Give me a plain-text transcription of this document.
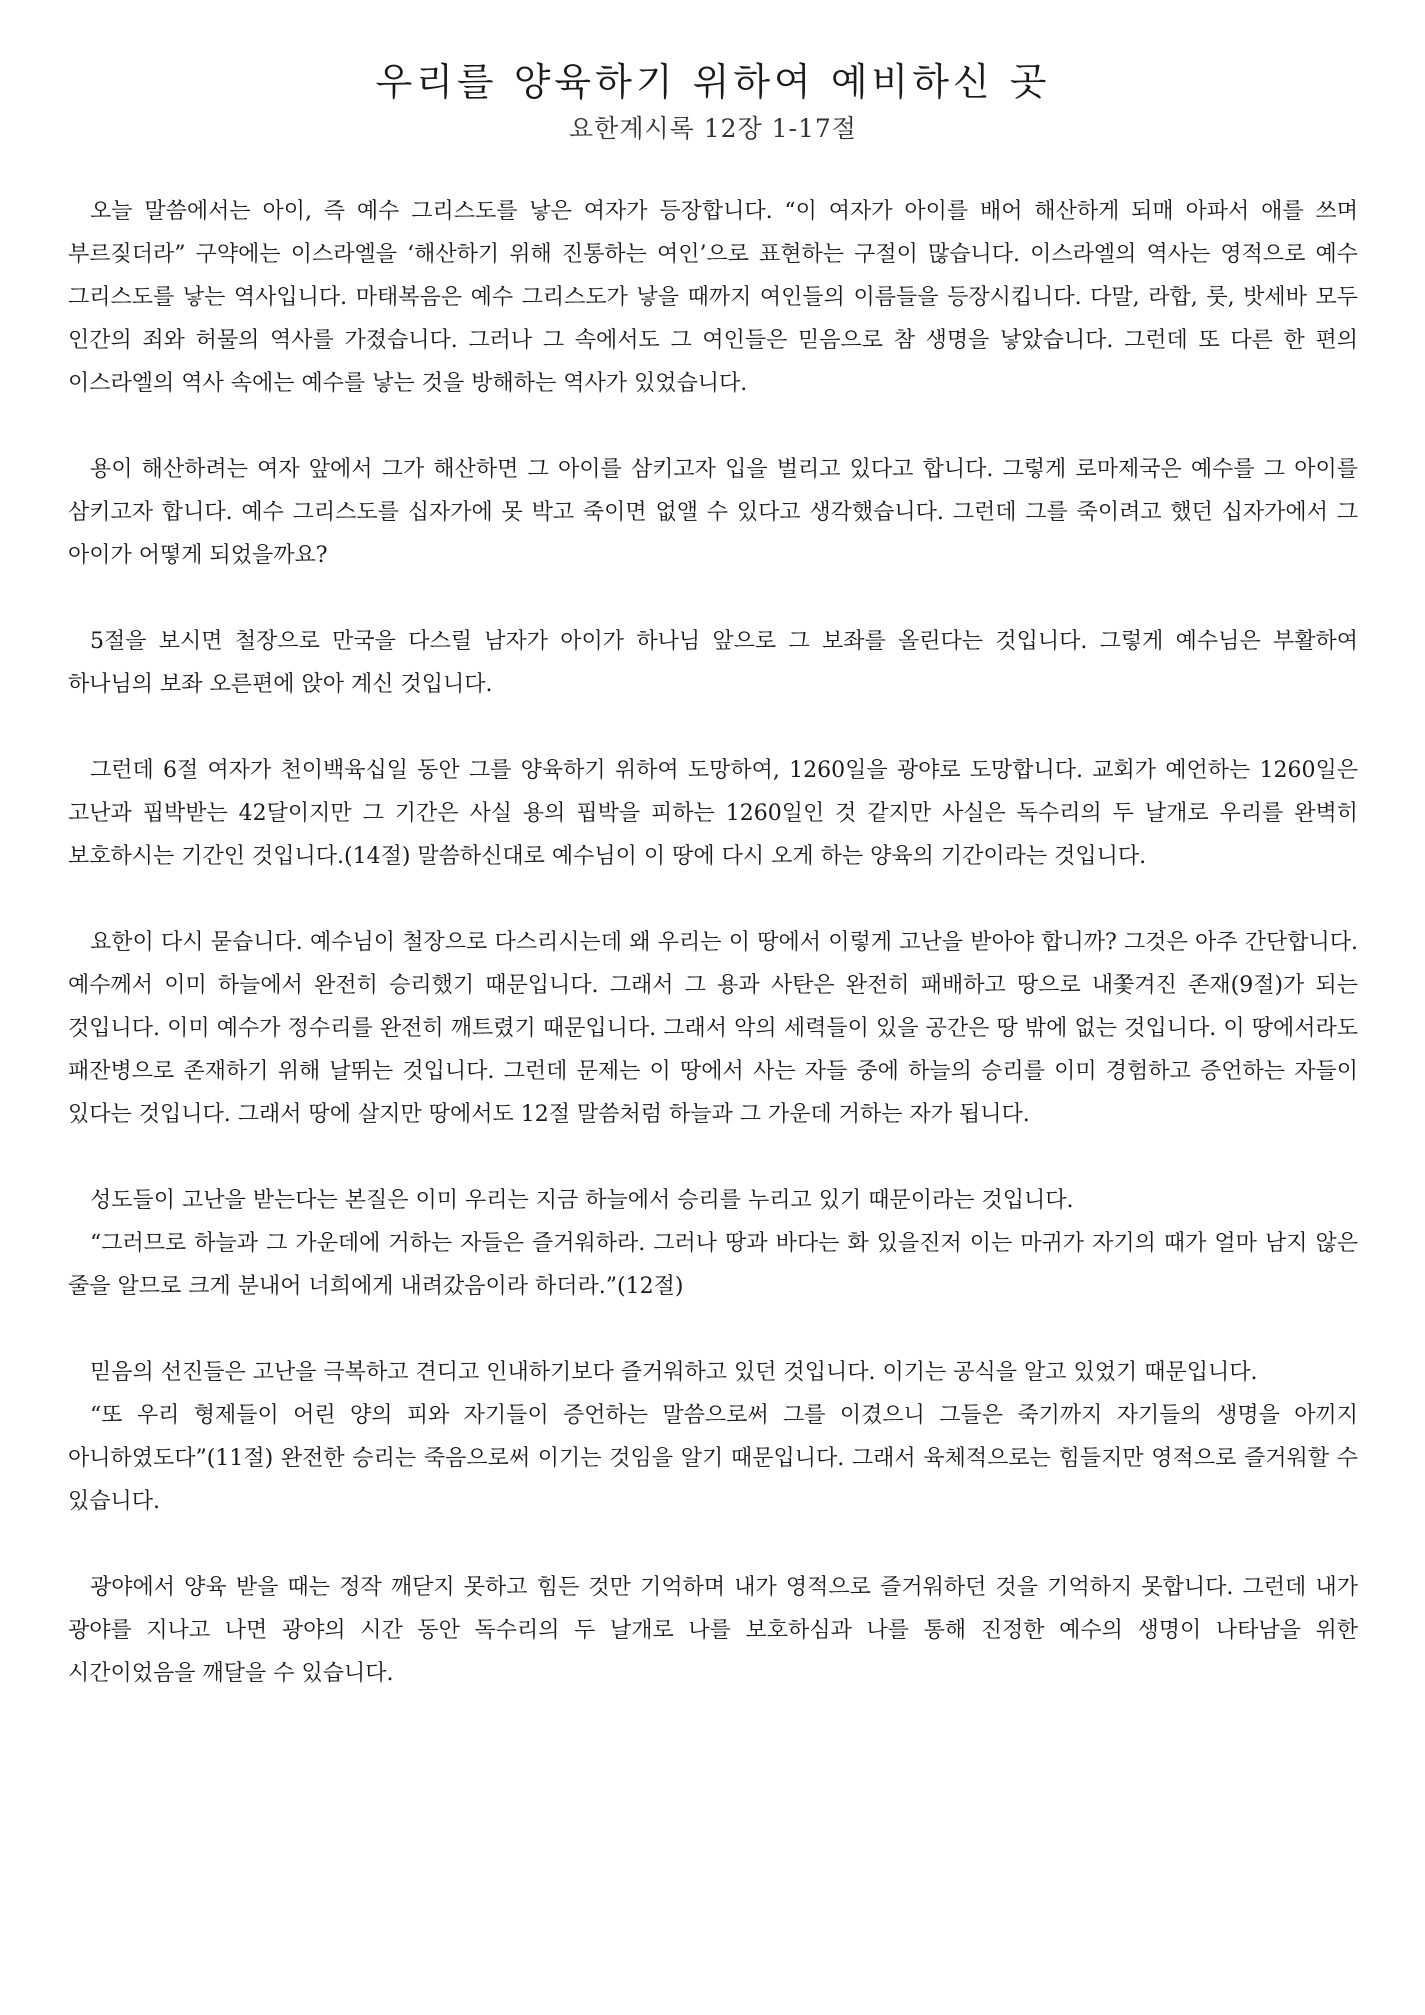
우리를 양육하기 위하여 예비하신 곳
요한계시록 12장 1-17절
오늘 말씀에서는 아이, 즉 예수 그리스도를 낳은 여자가 등장합니다. “이 여자가 아이를 배어 해산하게 되매 아파서 애를 쓰며 부르짖더라” 구약에는 이스라엘을 ‘해산하기 위해 진통하는 여인’으로 표현하는 구절이 많습니다. 이스라엘의 역사는 영적으로 예수 그리스도를 낳는 역사입니다. 마태복음은 예수 그리스도가 낳을 때까지 여인들의 이름들을 등장시킵니다. 다말, 라합, 룻, 밧세바 모두 인간의 죄와 허물의 역사를 가졌습니다. 그러나 그 속에서도 그 여인들은 믿음으로 참 생명을 낳았습니다. 그런데 또 다른 한 편의 이스라엘의 역사 속에는 예수를 낳는 것을 방해하는 역사가 있었습니다.
용이 해산하려는 여자 앞에서 그가 해산하면 그 아이를 삼키고자 입을 벌리고 있다고 합니다. 그렇게 로마제국은 예수를 그 아이를 삼키고자 합니다. 예수 그리스도를 십자가에 못 박고 죽이면 없앨 수 있다고 생각했습니다. 그런데 그를 죽이려고 했던 십자가에서 그 아이가 어떻게 되었을까요?
5절을 보시면 철장으로 만국을 다스릴 남자가 아이가 하나님 앞으로 그 보좌를 올린다는 것입니다. 그렇게 예수님은 부활하여 하나님의 보좌 오른편에 앉아 계신 것입니다.
그런데 6절 여자가 천이백육십일 동안 그를 양육하기 위하여 도망하여, 1260일을 광야로 도망합니다. 교회가 예언하는 1260일은 고난과 핍박받는 42달이지만 그 기간은 사실 용의 핍박을 피하는 1260일인 것 같지만 사실은 독수리의 두 날개로 우리를 완벽히 보호하시는 기간인 것입니다.(14절) 말씀하신대로 예수님이 이 땅에 다시 오게 하는 양육의 기간이라는 것입니다.
요한이 다시 묻습니다. 예수님이 철장으로 다스리시는데 왜 우리는 이 땅에서 이렇게 고난을 받아야 합니까? 그것은 아주 간단합니다. 예수께서 이미 하늘에서 완전히 승리했기 때문입니다. 그래서 그 용과 사탄은 완전히 패배하고 땅으로 내쫓겨진 존재(9절)가 되는 것입니다. 이미 예수가 정수리를 완전히 깨트렸기 때문입니다. 그래서 악의 세력들이 있을 공간은 땅 밖에 없는 것입니다. 이 땅에서라도 패잔병으로 존재하기 위해 날뛰는 것입니다. 그런데 문제는 이 땅에서 사는 자들 중에 하늘의 승리를 이미 경험하고 증언하는 자들이 있다는 것입니다. 그래서 땅에 살지만 땅에서도 12절 말씀처럼 하늘과 그 가운데 거하는 자가 됩니다.
성도들이 고난을 받는다는 본질은 이미 우리는 지금 하늘에서 승리를 누리고 있기 때문이라는 것입니다.
“그러므로 하늘과 그 가운데에 거하는 자들은 즐거워하라. 그러나 땅과 바다는 화 있을진저 이는 마귀가 자기의 때가 얼마 남지 않은 줄을 알므로 크게 분내어 너희에게 내려갔음이라 하더라.”(12절)
믿음의 선진들은 고난을 극복하고 견디고 인내하기보다 즐거워하고 있던 것입니다. 이기는 공식을 알고 있었기 때문입니다.
“또 우리 형제들이 어린 양의 피와 자기들이 증언하는 말씀으로써 그를 이겼으니 그들은 죽기까지 자기들의 생명을 아끼지 아니하였도다”(11절) 완전한 승리는 죽음으로써 이기는 것임을 알기 때문입니다. 그래서 육체적으로는 힘들지만 영적으로 즐거워할 수 있습니다.
광야에서 양육 받을 때는 정작 깨닫지 못하고 힘든 것만 기억하며 내가 영적으로 즐거워하던 것을 기억하지 못합니다. 그런데 내가 광야를 지나고 나면 광야의 시간 동안 독수리의 두 날개로 나를 보호하심과 나를 통해 진정한 예수의 생명이 나타남을 위한 시간이었음을 깨달을 수 있습니다.
